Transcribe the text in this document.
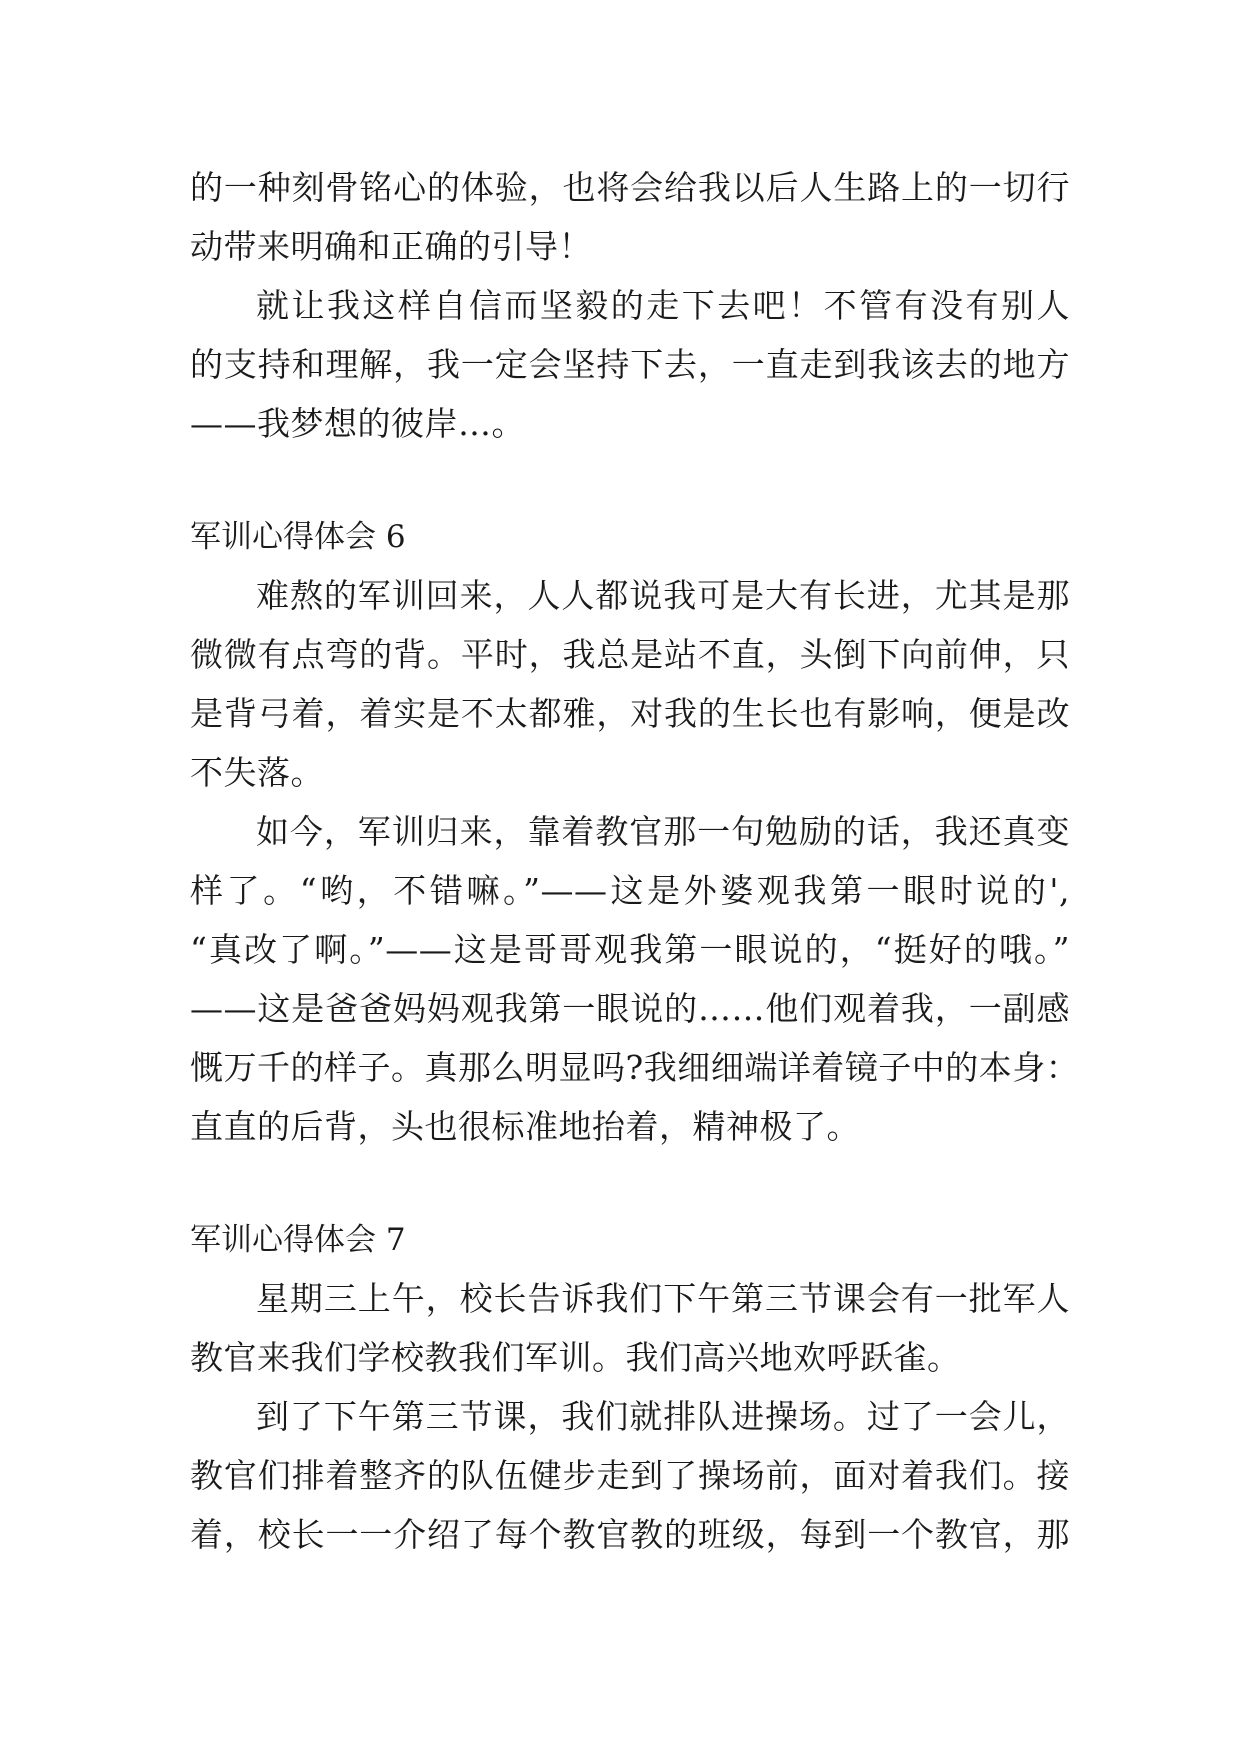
的一种刻骨铭心的体验，也将会给我以后人生路上的一切行

动带来明确和正确的引导！

就让我这样自信而坚毅的走下去吧！不管有没有别人

的支持和理解，我一定会坚持下去，一直走到我该去的地方

——我梦想的彼岸…。

军训心得体会 6

难熬的军训回来，人人都说我可是大有长进，尤其是那

微微有点弯的背。平时，我总是站不直，头倒下向前伸，只

是背弓着，着实是不太都雅，对我的生长也有影响，便是改

不失落。

如今，军训归来，靠着教官那一句勉励的话，我还真变

样了。“哟，不错嘛。”——这是外婆观我第一眼时说的',

“真改了啊。”——这是哥哥观我第一眼说的，“挺好的哦。”

——这是爸爸妈妈观我第一眼说的……他们观着我，一副感

慨万千的样子。真那么明显吗?我细细端详着镜子中的本身：

直直的后背，头也很标准地抬着，精神极了。

军训心得体会 7

星期三上午，校长告诉我们下午第三节课会有一批军人

教官来我们学校教我们军训。我们高兴地欢呼跃雀。

到了下午第三节课，我们就排队进操场。过了一会儿，

教官们排着整齐的队伍健步走到了操场前，面对着我们。接

着，校长一一介绍了每个教官教的班级，每到一个教官，那
